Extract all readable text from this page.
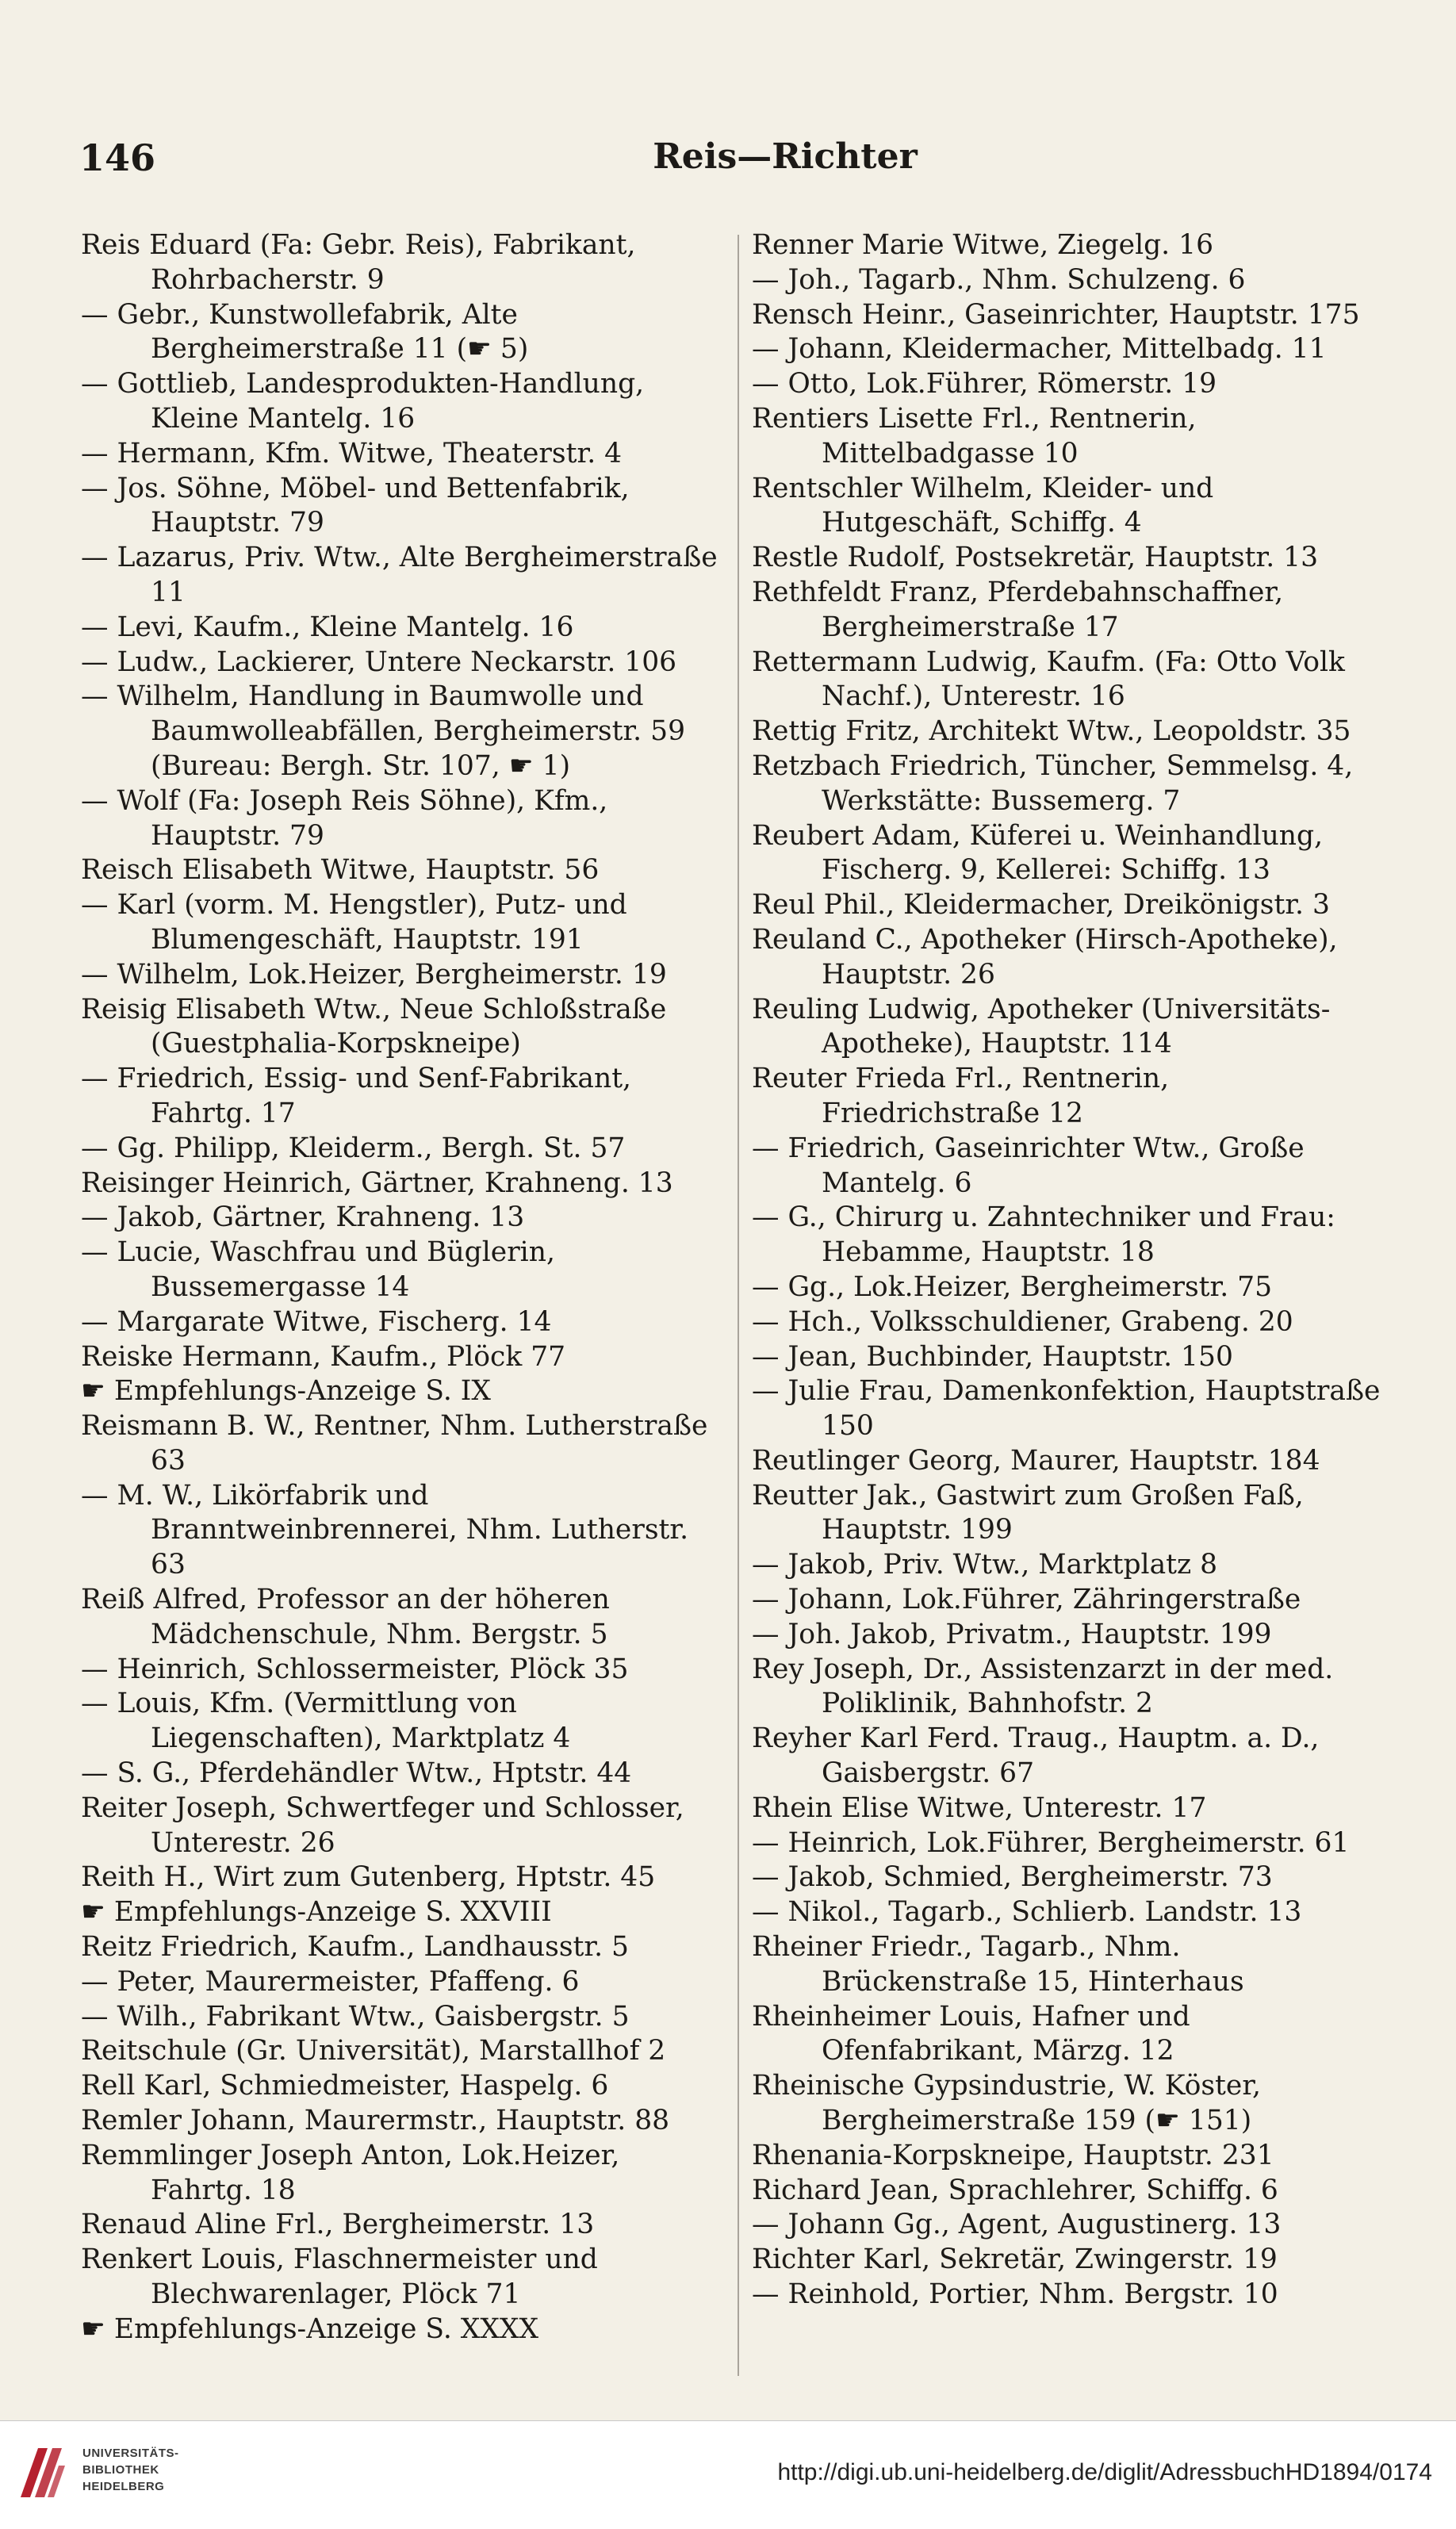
146	Reis—Richter
Reis Eduard (Fa: Gebr. Reis), Fabrikant, Rohrbacherstr. 9
— Gebr., Kunstwollefabrik, Alte Bergheimerstraße 11 (☛ 5)
— Gottlieb, Landesprodukten-Handlung, Kleine Mantelg. 16
— Hermann, Kfm. Witwe, Theaterstr. 4
— Jos. Söhne, Möbel- und Bettenfabrik, Hauptstr. 79
— Lazarus, Priv. Wtw., Alte Bergheimerstraße 11
— Levi, Kaufm., Kleine Mantelg. 16
— Ludw., Lackierer, Untere Neckarstr. 106
— Wilhelm, Handlung in Baumwolle und Baumwolleabfällen, Bergheimerstr. 59 (Bureau: Bergh. Str. 107, ☛ 1)
— Wolf (Fa: Joseph Reis Söhne), Kfm., Hauptstr. 79
Reisch Elisabeth Witwe, Hauptstr. 56
— Karl (vorm. M. Hengstler), Putz- und Blumengeschäft, Hauptstr. 191
— Wilhelm, Lok.Heizer, Bergheimerstr. 19
Reisig Elisabeth Wtw., Neue Schloßstraße (Guestphalia-Korpskneipe)
— Friedrich, Essig- und Senf-Fabrikant, Fahrtg. 17
— Gg. Philipp, Kleiderm., Bergh. St. 57
Reisinger Heinrich, Gärtner, Krahneng. 13
— Jakob, Gärtner, Krahneng. 13
— Lucie, Waschfrau und Büglerin, Bussemergasse 14
— Margarate Witwe, Fischerg. 14
Reiske Hermann, Kaufm., Plöck 77
☛ Empfehlungs-Anzeige S. IX
Reismann B. W., Rentner, Nhm. Lutherstraße 63
— M. W., Likörfabrik und Branntweinbrennerei, Nhm. Lutherstr. 63
Reiß Alfred, Professor an der höheren Mädchenschule, Nhm. Bergstr. 5
— Heinrich, Schlossermeister, Plöck 35
— Louis, Kfm. (Vermittlung von Liegenschaften), Marktplatz 4
— S. G., Pferdehändler Wtw., Hptstr. 44
Reiter Joseph, Schwertfeger und Schlosser, Unterestr. 26
Reith H., Wirt zum Gutenberg, Hptstr. 45
☛ Empfehlungs-Anzeige S. XXVIII
Reitz Friedrich, Kaufm., Landhausstr. 5
— Peter, Maurermeister, Pfaffeng. 6
— Wilh., Fabrikant Wtw., Gaisbergstr. 5
Reitschule (Gr. Universität), Marstallhof 2
Rell Karl, Schmiedmeister, Haspelg. 6
Remler Johann, Maurermstr., Hauptstr. 88
Remmlinger Joseph Anton, Lok.Heizer, Fahrtg. 18
Renaud Aline Frl., Bergheimerstr. 13
Renkert Louis, Flaschnermeister und Blechwarenlager, Plöck 71
☛ Empfehlungs-Anzeige S. XXXX
Renner Marie Witwe, Ziegelg. 16
— Joh., Tagarb., Nhm. Schulzeng. 6
Rensch Heinr., Gaseinrichter, Hauptstr. 175
— Johann, Kleidermacher, Mittelbadg. 11
— Otto, Lok.Führer, Römerstr. 19
Rentiers Lisette Frl., Rentnerin, Mittelbadgasse 10
Rentschler Wilhelm, Kleider- und Hutgeschäft, Schiffg. 4
Restle Rudolf, Postsekretär, Hauptstr. 13
Rethfeldt Franz, Pferdebahnschaffner, Bergheimerstraße 17
Rettermann Ludwig, Kaufm. (Fa: Otto Volk Nachf.), Unterestr. 16
Rettig Fritz, Architekt Wtw., Leopoldstr. 35
Retzbach Friedrich, Tüncher, Semmelsg. 4, Werkstätte: Bussemerg. 7
Reubert Adam, Küferei u. Weinhandlung, Fischerg. 9, Kellerei: Schiffg. 13
Reul Phil., Kleidermacher, Dreikönigstr. 3
Reuland C., Apotheker (Hirsch-Apotheke), Hauptstr. 26
Reuling Ludwig, Apotheker (Universitäts-Apotheke), Hauptstr. 114
Reuter Frieda Frl., Rentnerin, Friedrichstraße 12
— Friedrich, Gaseinrichter Wtw., Große Mantelg. 6
— G., Chirurg u. Zahntechniker und Frau: Hebamme, Hauptstr. 18
— Gg., Lok.Heizer, Bergheimerstr. 75
— Hch., Volksschuldiener, Grabeng. 20
— Jean, Buchbinder, Hauptstr. 150
— Julie Frau, Damenkonfektion, Hauptstraße 150
Reutlinger Georg, Maurer, Hauptstr. 184
Reutter Jak., Gastwirt zum Großen Faß, Hauptstr. 199
— Jakob, Priv. Wtw., Marktplatz 8
— Johann, Lok.Führer, Zähringerstraße
— Joh. Jakob, Privatm., Hauptstr. 199
Rey Joseph, Dr., Assistenzarzt in der med. Poliklinik, Bahnhofstr. 2
Reyher Karl Ferd. Traug., Hauptm. a. D., Gaisbergstr. 67
Rhein Elise Witwe, Unterestr. 17
— Heinrich, Lok.Führer, Bergheimerstr. 61
— Jakob, Schmied, Bergheimerstr. 73
— Nikol., Tagarb., Schlierb. Landstr. 13
Rheiner Friedr., Tagarb., Nhm. Brückenstraße 15, Hinterhaus
Rheinheimer Louis, Hafner und Ofenfabrikant, Märzg. 12
Rheinische Gypsindustrie, W. Köster, Bergheimerstraße 159 (☛ 151)
Rhenania-Korpskneipe, Hauptstr. 231
Richard Jean, Sprachlehrer, Schiffg. 6
— Johann Gg., Agent, Augustinerg. 13
Richter Karl, Sekretär, Zwingerstr. 19
— Reinhold, Portier, Nhm. Bergstr. 10
UNIVERSITÄTS-
BIBLIOTHEK
HEIDELBERG
http://digi.ub.uni-heidelberg.de/diglit/AdressbuchHD1894/0174
